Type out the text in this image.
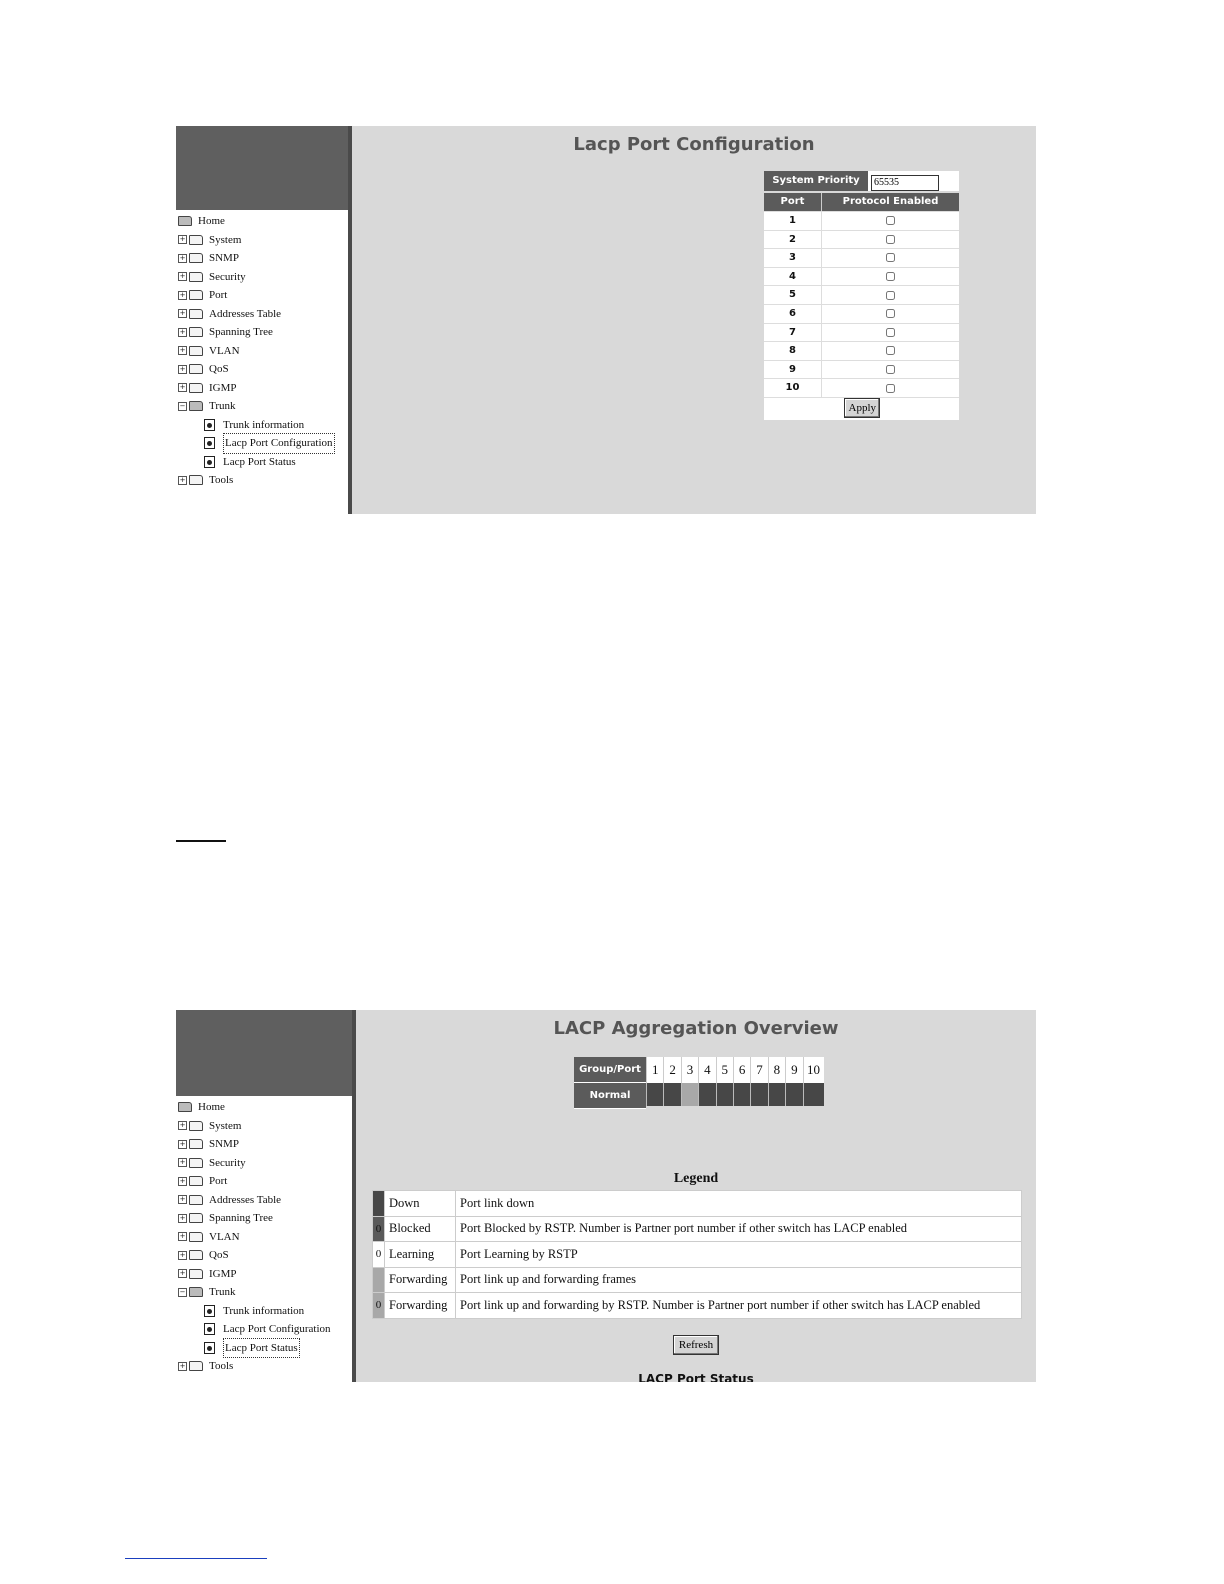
Home
+ System
+ SNMP
+ Security
+ Port
+ Addresses Table
+ Spanning Tree
+ VLAN
+ QoS
+ IGMP
− Trunk
Trunk information
Lacp Port Configuration
Lacp Port Status
+ Tools
Lacp Port Configuration
System Priority
65535
Port	Protocol Enabled
1
2
3
4
5
6
7
8
9
10
Apply
Home
+ System
+ SNMP
+ Security
+ Port
+ Addresses Table
+ Spanning Tree
+ VLAN
+ QoS
+ IGMP
− Trunk
Trunk information
Lacp Port Configuration
Lacp Port Status
+ Tools
LACP Aggregation Overview
Group/Port 1 2 3 4 5 6 7 8 9 10
Normal
Legend
	Down	Port link down
0	Blocked	Port Blocked by RSTP. Number is Partner port number if other switch has LACP enabled
0	Learning	Port Learning by RSTP
	Forwarding	Port link up and forwarding frames
0	Forwarding	Port link up and forwarding by RSTP. Number is Partner port number if other switch has LACP enabled
Refresh
LACP Port Status
